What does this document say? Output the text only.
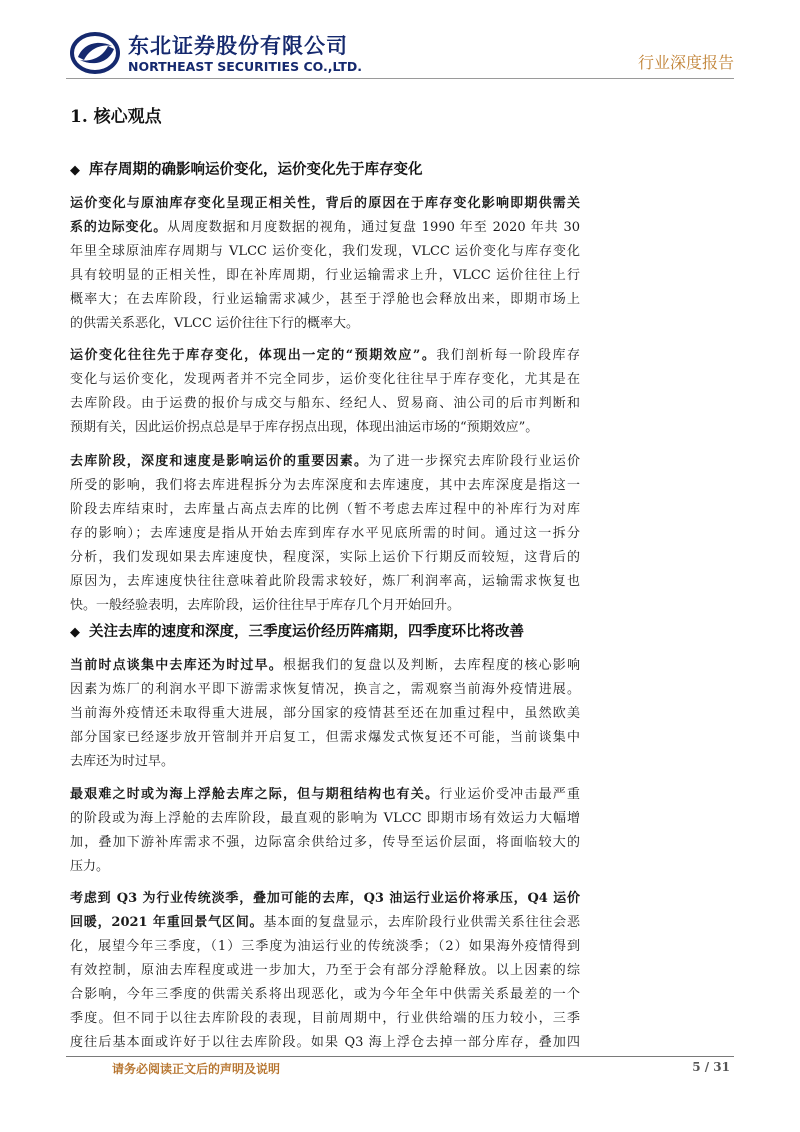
东北证券股份有限公司
NORTHEAST SECURITIES CO.,LTD.	行业深度报告
1. 核心观点
◆ 库存周期的确影响运价变化，运价变化先于库存变化
运价变化与原油库存变化呈现正相关性，背后的原因在于库存变化影响即期供需关
系的边际变化。从周度数据和月度数据的视角，通过复盘 1990 年至 2020 年共 30
年里全球原油库存周期与 VLCC 运价变化，我们发现，VLCC 运价变化与库存变化
具有较明显的正相关性，即在补库周期，行业运输需求上升，VLCC 运价往往上行
概率大；在去库阶段，行业运输需求减少，甚至于浮舱也会释放出来，即期市场上
的供需关系恶化，VLCC 运价往往下行的概率大。
运价变化往往先于库存变化，体现出一定的“预期效应”。我们剖析每一阶段库存
变化与运价变化，发现两者并不完全同步，运价变化往往早于库存变化，尤其是在
去库阶段。由于运费的报价与成交与船东、经纪人、贸易商、油公司的后市判断和
预期有关，因此运价拐点总是早于库存拐点出现，体现出油运市场的“预期效应”。
去库阶段，深度和速度是影响运价的重要因素。为了进一步探究去库阶段行业运价
所受的影响，我们将去库进程拆分为去库深度和去库速度，其中去库深度是指这一
阶段去库结束时，去库量占高点去库的比例（暂不考虑去库过程中的补库行为对库
存的影响）；去库速度是指从开始去库到库存水平见底所需的时间。通过这一拆分
分析，我们发现如果去库速度快，程度深，实际上运价下行期反而较短，这背后的
原因为，去库速度快往往意味着此阶段需求较好，炼厂利润率高，运输需求恢复也
快。一般经验表明，去库阶段，运价往往早于库存几个月开始回升。
◆ 关注去库的速度和深度，三季度运价经历阵痛期，四季度环比将改善
当前时点谈集中去库还为时过早。根据我们的复盘以及判断，去库程度的核心影响
因素为炼厂的利润水平即下游需求恢复情况，换言之，需观察当前海外疫情进展。
当前海外疫情还未取得重大进展，部分国家的疫情甚至还在加重过程中，虽然欧美
部分国家已经逐步放开管制并开启复工，但需求爆发式恢复还不可能，当前谈集中
去库还为时过早。
最艰难之时或为海上浮舱去库之际，但与期租结构也有关。行业运价受冲击最严重
的阶段或为海上浮舱的去库阶段，最直观的影响为 VLCC 即期市场有效运力大幅增
加，叠加下游补库需求不强，边际富余供给过多，传导至运价层面，将面临较大的
压力。
考虑到 Q3 为行业传统淡季，叠加可能的去库，Q3 油运行业运价将承压，Q4 运价
回暖，2021 年重回景气区间。基本面的复盘显示，去库阶段行业供需关系往往会恶
化，展望今年三季度，（1）三季度为油运行业的传统淡季；（2）如果海外疫情得到
有效控制，原油去库程度或进一步加大，乃至于会有部分浮舱释放。以上因素的综
合影响，今年三季度的供需关系将出现恶化，或为今年全年中供需关系最差的一个
季度。但不同于以往去库阶段的表现，目前周期中，行业供给端的压力较小，三季
度往后基本面或许好于以往去库阶段。如果 Q3 海上浮仓去掉一部分库存，叠加四
请务必阅读正文后的声明及说明	5 / 31
